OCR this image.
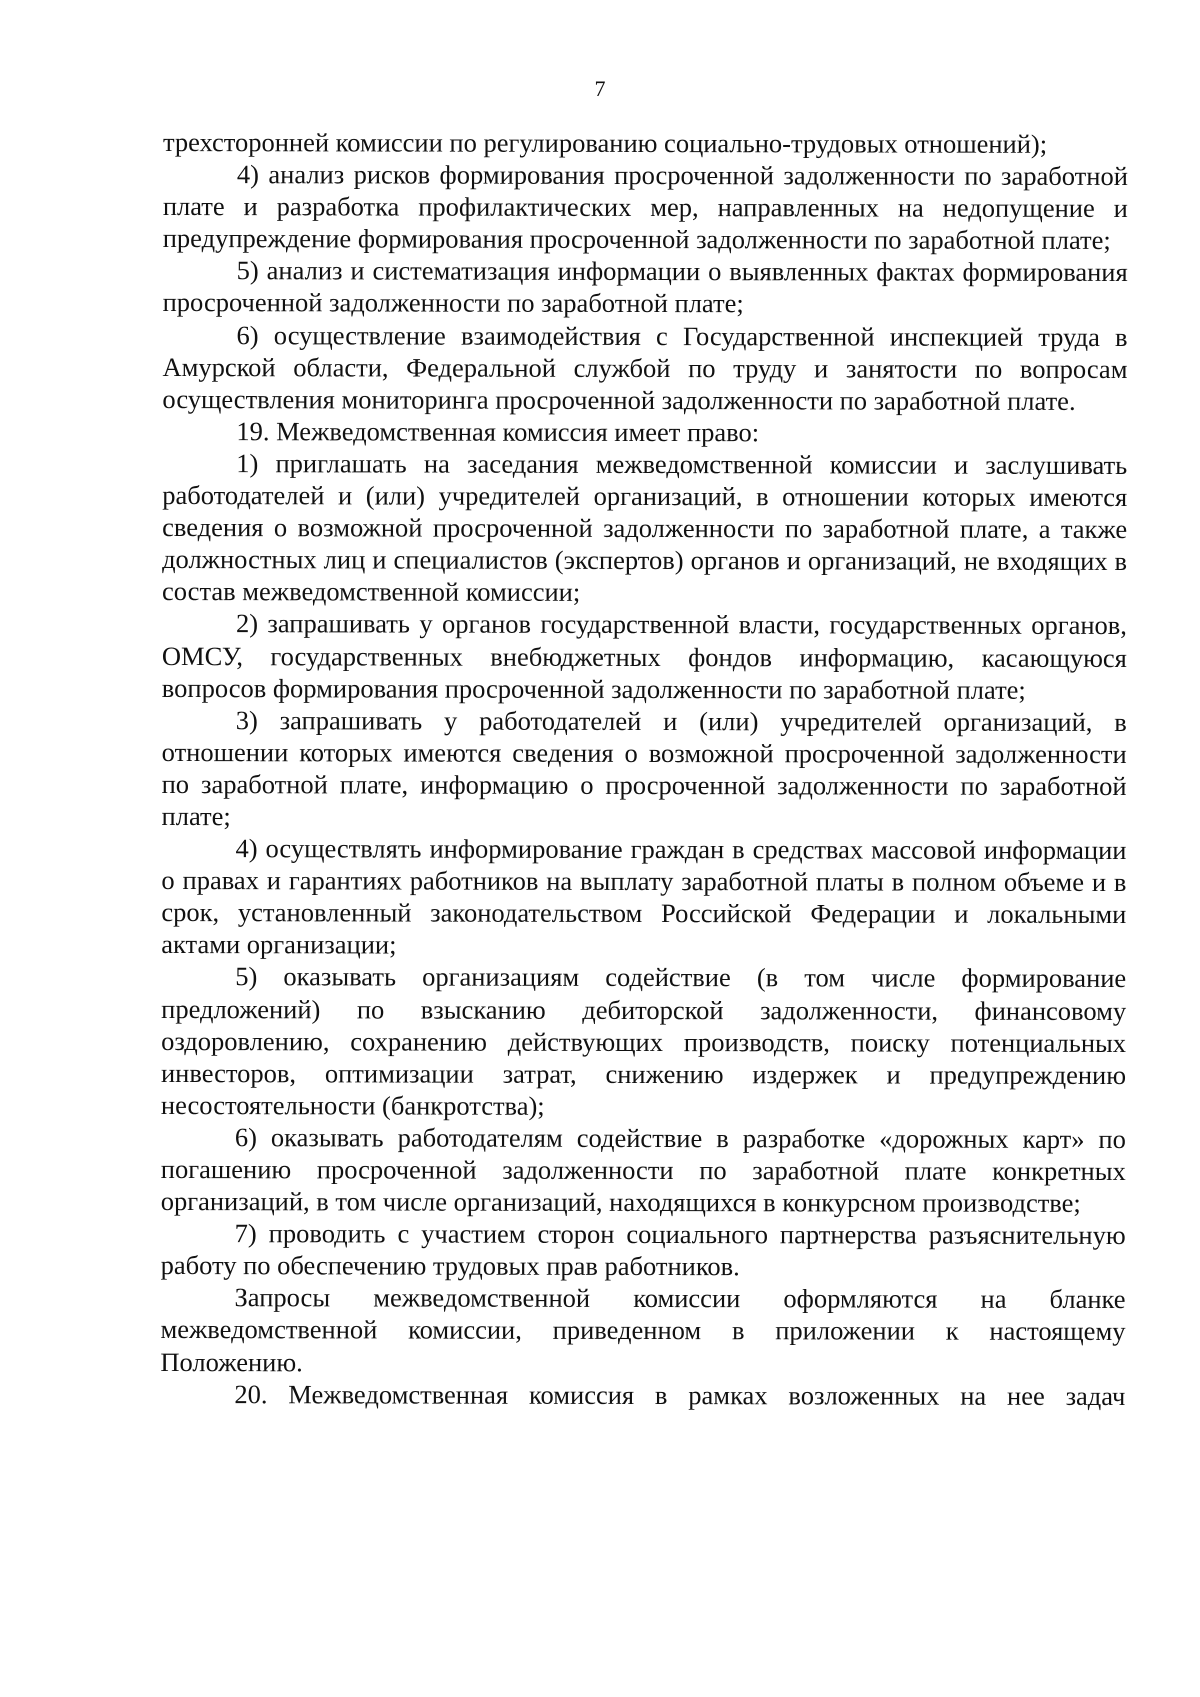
7

трехсторонней комиссии по регулированию социально-трудовых отношений);

4) анализ рисков формирования просроченной задолженности по заработной плате и разработка профилактических мер, направленных на недопущение и предупреждение формирования просроченной задолженности по заработной плате;

5) анализ и систематизация информации о выявленных фактах формирования просроченной задолженности по заработной плате;

6) осуществление взаимодействия с Государственной инспекцией труда в Амурской области, Федеральной службой по труду и занятости по вопросам осуществления мониторинга просроченной задолженности по заработной плате.

19. Межведомственная комиссия имеет право:

1) приглашать на заседания межведомственной комиссии и заслушивать работодателей и (или) учредителей организаций, в отношении которых имеются сведения о возможной просроченной задолженности по заработной плате, а также должностных лиц и специалистов (экспертов) органов и организаций, не входящих в состав межведомственной комиссии;

2) запрашивать у органов государственной власти, государственных органов, ОМСУ, государственных внебюджетных фондов информацию, касающуюся вопросов формирования просроченной задолженности по заработной плате;

3) запрашивать у работодателей и (или) учредителей организаций, в отношении которых имеются сведения о возможной просроченной задолженности по заработной плате, информацию о просроченной задолженности по заработной плате;

4) осуществлять информирование граждан в средствах массовой информации о правах и гарантиях работников на выплату заработной платы в полном объеме и в срок, установленный законодательством Российской Федерации и локальными актами организации;

5) оказывать организациям содействие (в том числе формирование предложений) по взысканию дебиторской задолженности, финансовому оздоровлению, сохранению действующих производств, поиску потенциальных инвесторов, оптимизации затрат, снижению издержек и предупреждению несостоятельности (банкротства);

6) оказывать работодателям содействие в разработке «дорожных карт» по погашению просроченной задолженности по заработной плате конкретных организаций, в том числе организаций, находящихся в конкурсном производстве;

7) проводить с участием сторон социального партнерства разъяснительную работу по обеспечению трудовых прав работников.

Запросы межведомственной комиссии оформляются на бланке межведомственной комиссии, приведенном в приложении к настоящему Положению.

20. Межведомственная комиссия в рамках возложенных на нее задач
